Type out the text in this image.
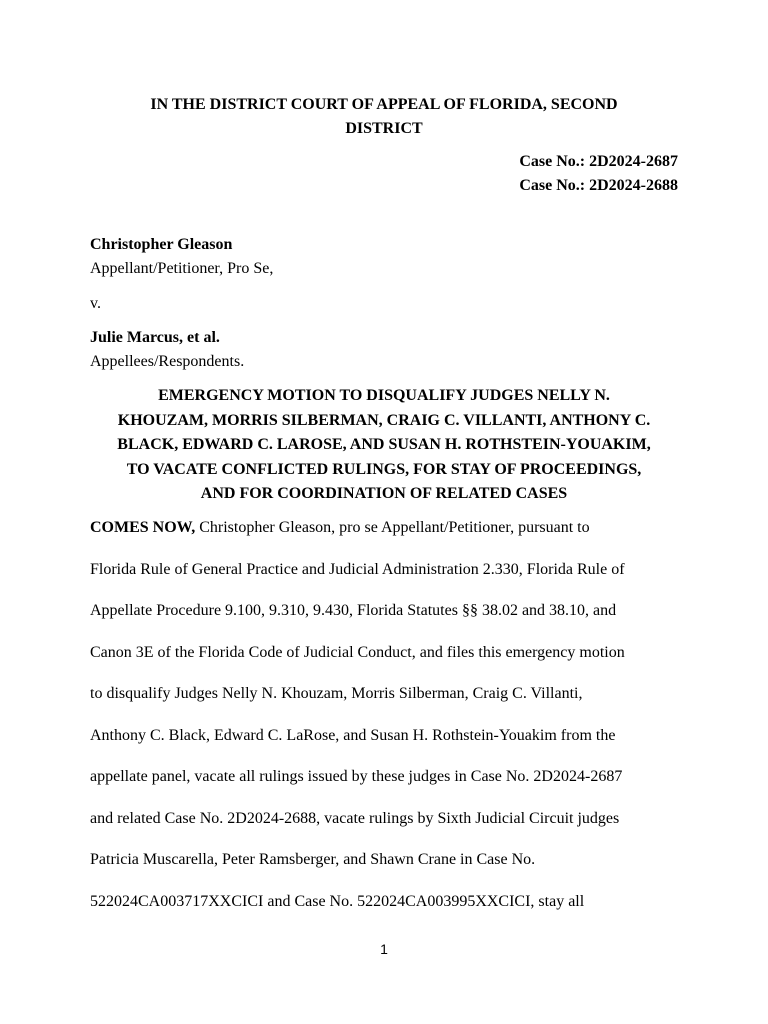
IN THE DISTRICT COURT OF APPEAL OF FLORIDA, SECOND
DISTRICT
Case No.: 2D2024-2687
Case No.: 2D2024-2688
Christopher Gleason
Appellant/Petitioner, Pro Se,
v.
Julie Marcus, et al.
Appellees/Respondents.
EMERGENCY MOTION TO DISQUALIFY JUDGES NELLY N.
KHOUZAM, MORRIS SILBERMAN, CRAIG C. VILLANTI, ANTHONY C.
BLACK, EDWARD C. LAROSE, AND SUSAN H. ROTHSTEIN-YOUAKIM,
TO VACATE CONFLICTED RULINGS, FOR STAY OF PROCEEDINGS,
AND FOR COORDINATION OF RELATED CASES
COMES NOW, Christopher Gleason, pro se Appellant/Petitioner, pursuant to
Florida Rule of General Practice and Judicial Administration 2.330, Florida Rule of
Appellate Procedure 9.100, 9.310, 9.430, Florida Statutes §§ 38.02 and 38.10, and
Canon 3E of the Florida Code of Judicial Conduct, and files this emergency motion
to disqualify Judges Nelly N. Khouzam, Morris Silberman, Craig C. Villanti,
Anthony C. Black, Edward C. LaRose, and Susan H. Rothstein-Youakim from the
appellate panel, vacate all rulings issued by these judges in Case No. 2D2024-2687
and related Case No. 2D2024-2688, vacate rulings by Sixth Judicial Circuit judges
Patricia Muscarella, Peter Ramsberger, and Shawn Crane in Case No.
522024CA003717XXCICI and Case No. 522024CA003995XXCICI, stay all
1
